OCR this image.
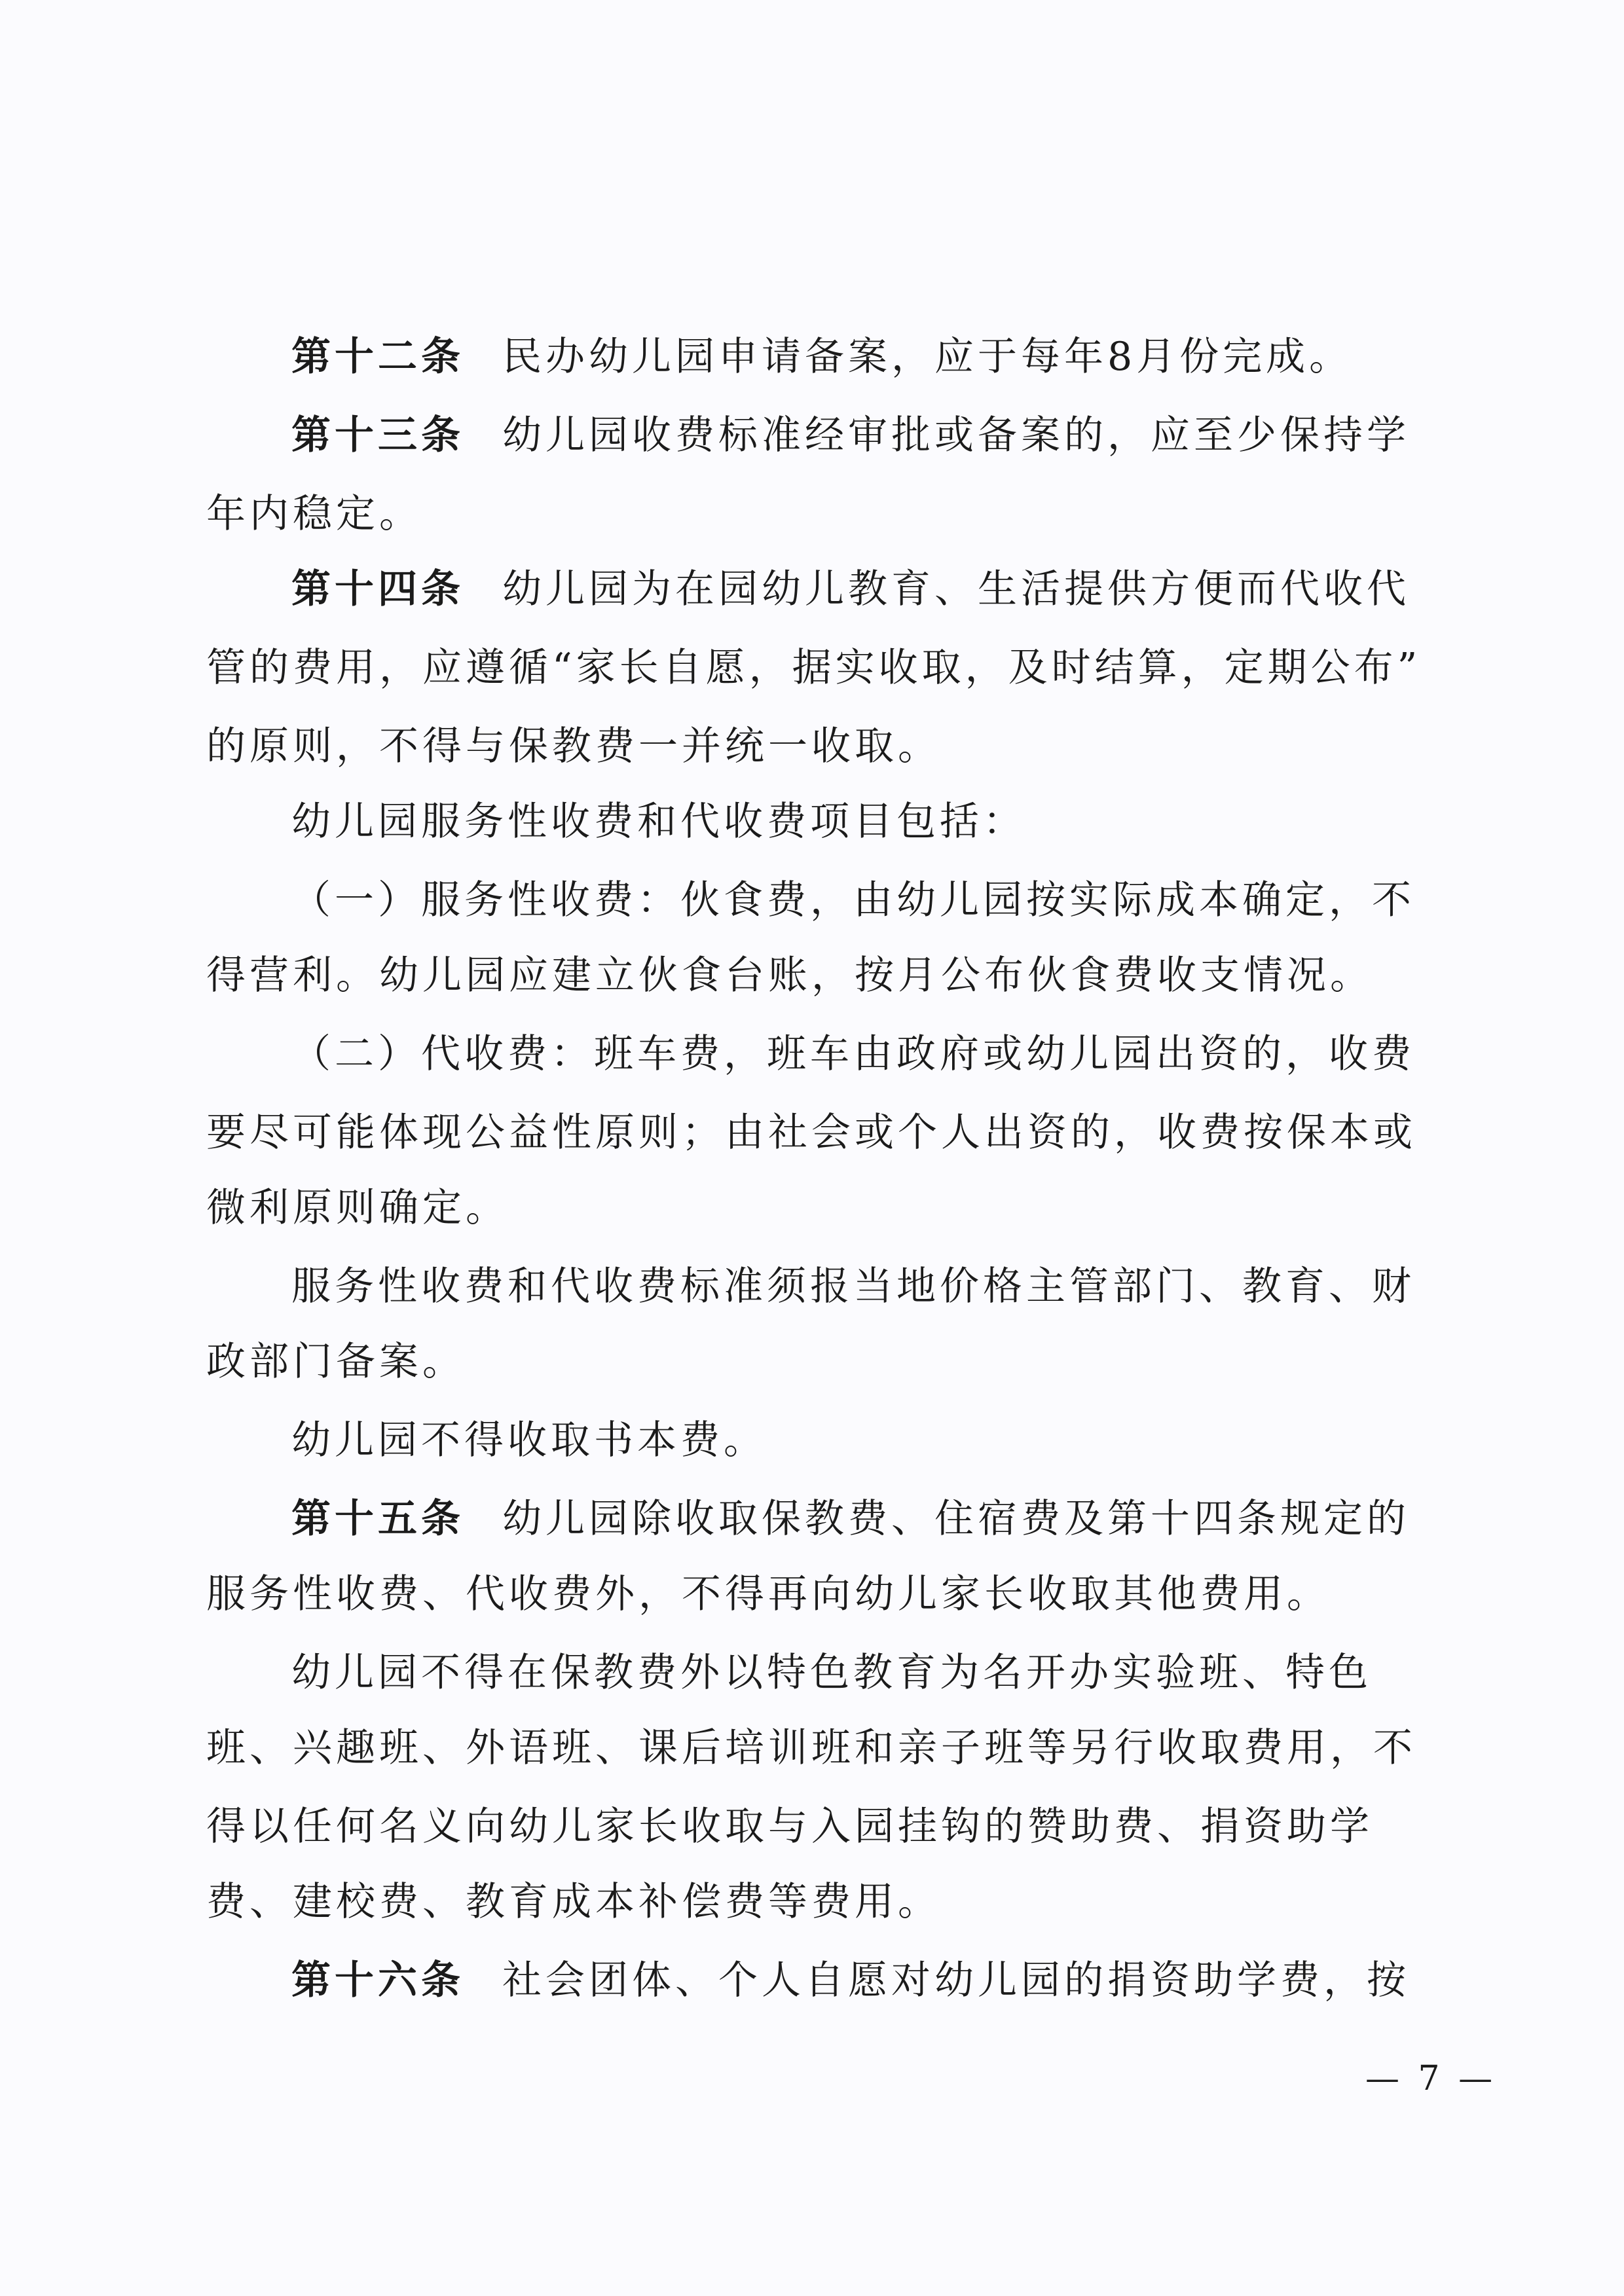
第十二条 民办幼儿园申请备案，应于每年8月份完成。
第十三条 幼儿园收费标准经审批或备案的，应至少保持学
年内稳定。
第十四条 幼儿园为在园幼儿教育、生活提供方便而代收代
管的费用，应遵循“家长自愿，据实收取，及时结算，定期公布”
的原则，不得与保教费一并统一收取。
幼儿园服务性收费和代收费项目包括：
（一）服务性收费：伙食费，由幼儿园按实际成本确定，不
得营利。幼儿园应建立伙食台账，按月公布伙食费收支情况。
（二）代收费：班车费，班车由政府或幼儿园出资的，收费
要尽可能体现公益性原则；由社会或个人出资的，收费按保本或
微利原则确定。
服务性收费和代收费标准须报当地价格主管部门、教育、财
政部门备案。
幼儿园不得收取书本费。
第十五条 幼儿园除收取保教费、住宿费及第十四条规定的
服务性收费、代收费外，不得再向幼儿家长收取其他费用。
幼儿园不得在保教费外以特色教育为名开办实验班、特色
班、兴趣班、外语班、课后培训班和亲子班等另行收取费用，不
得以任何名义向幼儿家长收取与入园挂钩的赞助费、捐资助学
费、建校费、教育成本补偿费等费用。
第十六条 社会团体、个人自愿对幼儿园的捐资助学费，按
— 7 —
